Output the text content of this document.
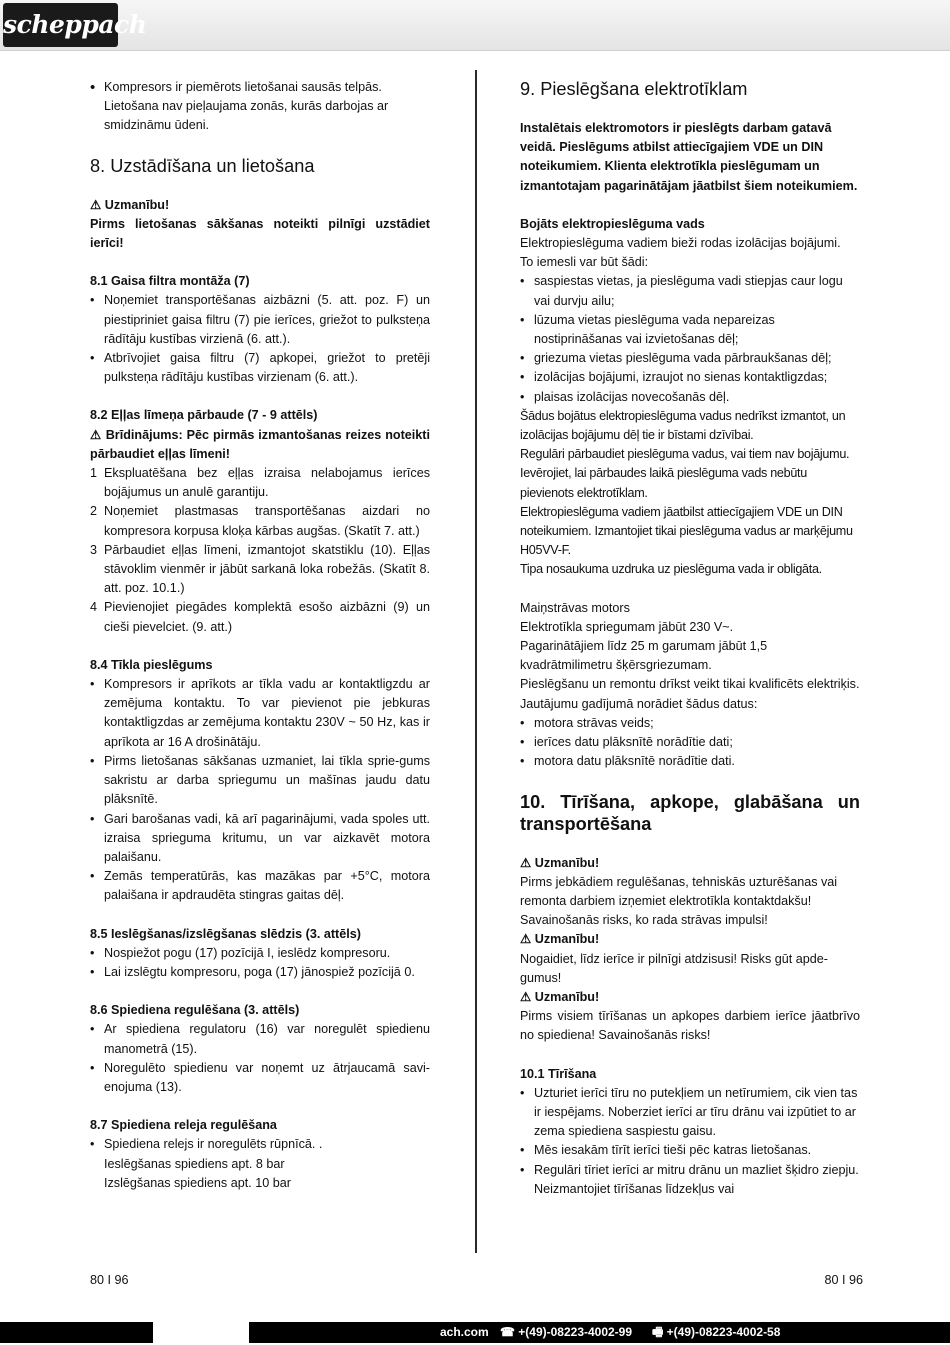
scheppach
• Kompresors ir piemērots lietošanai sausās telpās. Lietošana nav pieļaujama zonās, kurās darbojas ar smidzināmu ūdeni.

8. Uzstādīšana un lietošana

⚠ Uzmanību!

Pirms lietošanas sākšanas noteikti pilnīgi uzstādiet ierīci!

8.1 Gaisa filtra montāža (7)

• Noņemiet transportēšanas aizbāzni (5. att. poz. F) un piestipriniet gaisa filtru (7) pie ierīces, griežot to pulksteņa rādītāju kustības virzienā (6. att.).
• Atbrīvojiet gaisa filtru (7) apkopei, griežot to pretēji pulksteņa rādītāju kustības virzienam (6. att.).

8.2 Eļļas līmeņa pārbaude (7 - 9 attēls)

⚠ Brīdinājums: Pēc pirmās izmantošanas reizes noteikti pārbaudiet eļļas līmeni!

1 Ekspluatēšana bez eļļas izraisa nelabojamus ierīces bojājumus un anulē garantiju.
2 Noņemiet plastmasas transportēšanas aizdari no kompresora korpusa kloķa kārbas augšas. (Skatīt 7. att.)
3 Pārbaudiet eļļas līmeni, izmantojot skatstiklu (10). Eļļas stāvoklim vienmēr ir jābūt sarkanā loka robežās. (Skatīt 8. att. poz. 10.1.)
4 Pievienojiet piegādes komplektā esošo aizbāzni (9) un cieši pievelciet. (9. att.)

8.4 Tīkla pieslēgums

• Kompresors ir aprīkots ar tīkla vadu ar kontaktligzdu ar zemējuma kontaktu. To var pievienot pie jebkuras kontaktligzdas ar zemējuma kontaktu 230V ~ 50 Hz, kas ir aprīkota ar 16 A drošinātāju.
• Pirms lietošanas sākšanas uzmaniet, lai tīkla sprie-gums sakristu ar darba spriegumu un mašīnas jaudu datu plāksnītē.
• Gari barošanas vadi, kā arī pagarinājumi, vada spoles utt. izraisa sprieguma kritumu, un var aizkavēt motora palaišanu.
• Zemās temperatūrās, kas mazākas par +5°C, motora palaišana ir apdraudēta stingras gaitas dēļ.

8.5 Ieslēgšanas/izslēgšanas slēdzis (3. attēls)

• Nospiežot pogu (17) pozīcijā I, ieslēdz kompresoru.
• Lai izslēgtu kompresoru, poga (17) jānospiež pozīcijā 0.

8.6 Spiediena regulēšana (3. attēls)

• Ar spiediena regulatoru (16) var noregulēt spiedienu manometrā (15).
• Noregulēto spiedienu var noņemt uz ātrjaucamā savi-enojuma (13).

8.7 Spiediena releja regulēšana

• Spiediena relejs ir noregulēts rūpnīcā. .

Ieslēgšanas spiediens apt. 8 bar

Izslēgšanas spiediens apt. 10 bar

9. Pieslēgšana elektrotīklam

Instalētais elektromotors ir pieslēgts darbam gatavā veidā. Pieslēgums atbilst attiecīgajiem VDE un DIN noteikumiem. Klienta elektrotīkla pieslēgumam un izmantotajam pagarinātājam jāatbilst šiem noteikumiem.

Bojāts elektropieslēguma vads

Elektropieslēguma vadiem bieži rodas izolācijas bojājumi.

To iemesli var būt šādi:

• saspiestas vietas, ja pieslēguma vadi stiepjas caur logu vai durvju ailu;
• lūzuma vietas pieslēguma vada nepareizas nostiprināšanas vai izvietošanas dēļ;
• griezuma vietas pieslēguma vada pārbraukšanas dēļ;
• izolācijas bojājumi, izraujot no sienas kontaktligzdas;
• plaisas izolācijas novecošanās dēļ.

Šādus bojātus elektropieslēguma vadus nedrīkst izmantot, un izolācijas bojājumu dēļ tie ir bīstami dzīvībai.

Regulāri pārbaudiet pieslēguma vadus, vai tiem nav bojājumu. Ievērojiet, lai pārbaudes laikā pieslēguma vads nebūtu pievienots elektrotīklam.

Elektropieslēguma vadiem jāatbilst attiecīgajiem VDE un DIN noteikumiem. Izmantojiet tikai pieslēguma vadus ar marķējumu H05VV-F.

Tipa nosaukuma uzdruka uz pieslēguma vada ir obligāta.

Maiņstrāvas motors

Elektrotīkla spriegumam jābūt 230 V~.

Pagarinātājiem līdz 25 m garumam jābūt 1,5 kvadrātmilimetru šķērsgriezumam.

Pieslēgšanu un remontu drīkst veikt tikai kvalificēts elektriķis.

Jautājumu gadījumā norādiet šādus datus:

• motora strāvas veids;
• ierīces datu plāksnītē norādītie dati;
• motora datu plāksnītē norādītie dati.

10. Tīrīšana, apkope, glabāšana un transportēšana

⚠ Uzmanību!

Pirms jebkādiem regulēšanas, tehniskās uzturēšanas vai remonta darbiem izņemiet elektrotīkla kontaktdakšu! Savainošanās risks, ko rada strāvas impulsi!

⚠ Uzmanību!

Nogaidiet, līdz ierīce ir pilnīgi atdzisusi! Risks gūt apde-gumus!

⚠ Uzmanību!

Pirms visiem tīrīšanas un apkopes darbiem ierīce jāatbrīvo no spiediena! Savainošanās risks!

10.1 Tīrīšana

• Uzturiet ierīci tīru no putekļiem un netīrumiem, cik vien tas ir iespējams. Noberziet ierīci ar tīru drānu vai izpūtiet to ar zema spiediena saspiestu gaisu.
• Mēs iesakām tīrīt ierīci tieši pēc katras lietošanas.
• Regulāri tīriet ierīci ar mitru drānu un mazliet šķidro ziepju. Neizmantojiet tīrīšanas līdzekļus vai
80 I 96	80 I 96
ach.com ☎ +(49)-08223-4002-99 🖷 +(49)-08223-4002-58
